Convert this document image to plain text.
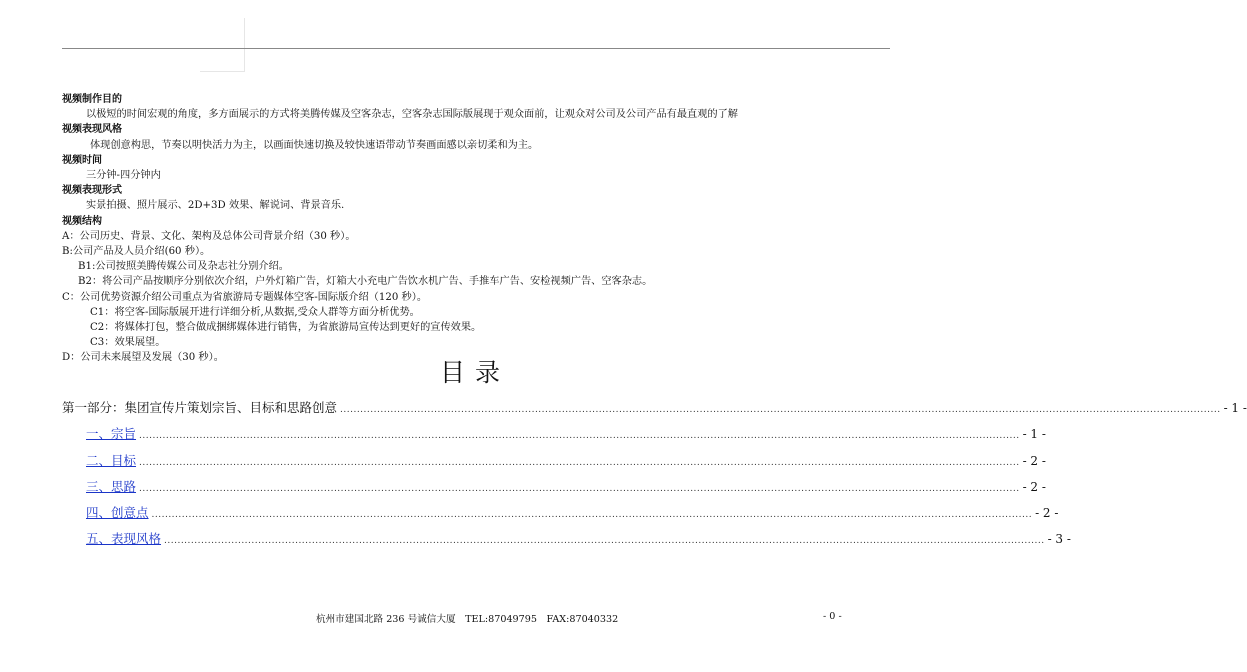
视频制作目的
以极短的时间宏观的角度，多方面展示的方式将美腾传媒及空客杂志，空客杂志国际版展现于观众面前，让观众对公司及公司产品有最直观的了解
视频表现风格
体现创意构思，节奏以明快活力为主，以画面快速切换及较快速语带动节奏画面感以亲切柔和为主。
视频时间
三分钟-四分钟内
视频表现形式
实景拍摄、照片展示、2D+3D 效果、解说词、背景音乐.
视频结构
A：公司历史、背景、文化、架构及总体公司背景介绍（30 秒）。
B:公司产品及人员介绍(60 秒）。
B1:公司按照美腾传媒公司及杂志社分别介绍。
B2：将公司产品按顺序分别依次介绍，户外灯箱广告，灯箱大小充电广告饮水机广告、手推车广告、安检视频广告、空客杂志。
C：公司优势资源介绍公司重点为省旅游局专题媒体空客-国际版介绍（120 秒）。
C1：将空客-国际版展开进行详细分析,从数据,受众人群等方面分析优势。
C2：将媒体打包，整合做成捆绑媒体进行销售，为省旅游局宣传达到更好的宣传效果。
C3：效果展望。
D：公司未来展望及发展（30 秒）。
目录
第一部分：集团宣传片策划宗旨、目标和思路创意 ...................................................................................................................................................................................................................................................................... - 1 -
一、宗旨 ...................................................................................................................................................................................................................................................................... - 1 -
二、目标 ...................................................................................................................................................................................................................................................................... - 2 -
三、思路 ...................................................................................................................................................................................................................................................................... - 2 -
四、创意点 ...................................................................................................................................................................................................................................................................... - 2 -
五、表现风格 ...................................................................................................................................................................................................................................................................... - 3 -
杭州市建国北路 236 号诚信大厦　TEL:87049795　FAX:87040332	- 0 -
